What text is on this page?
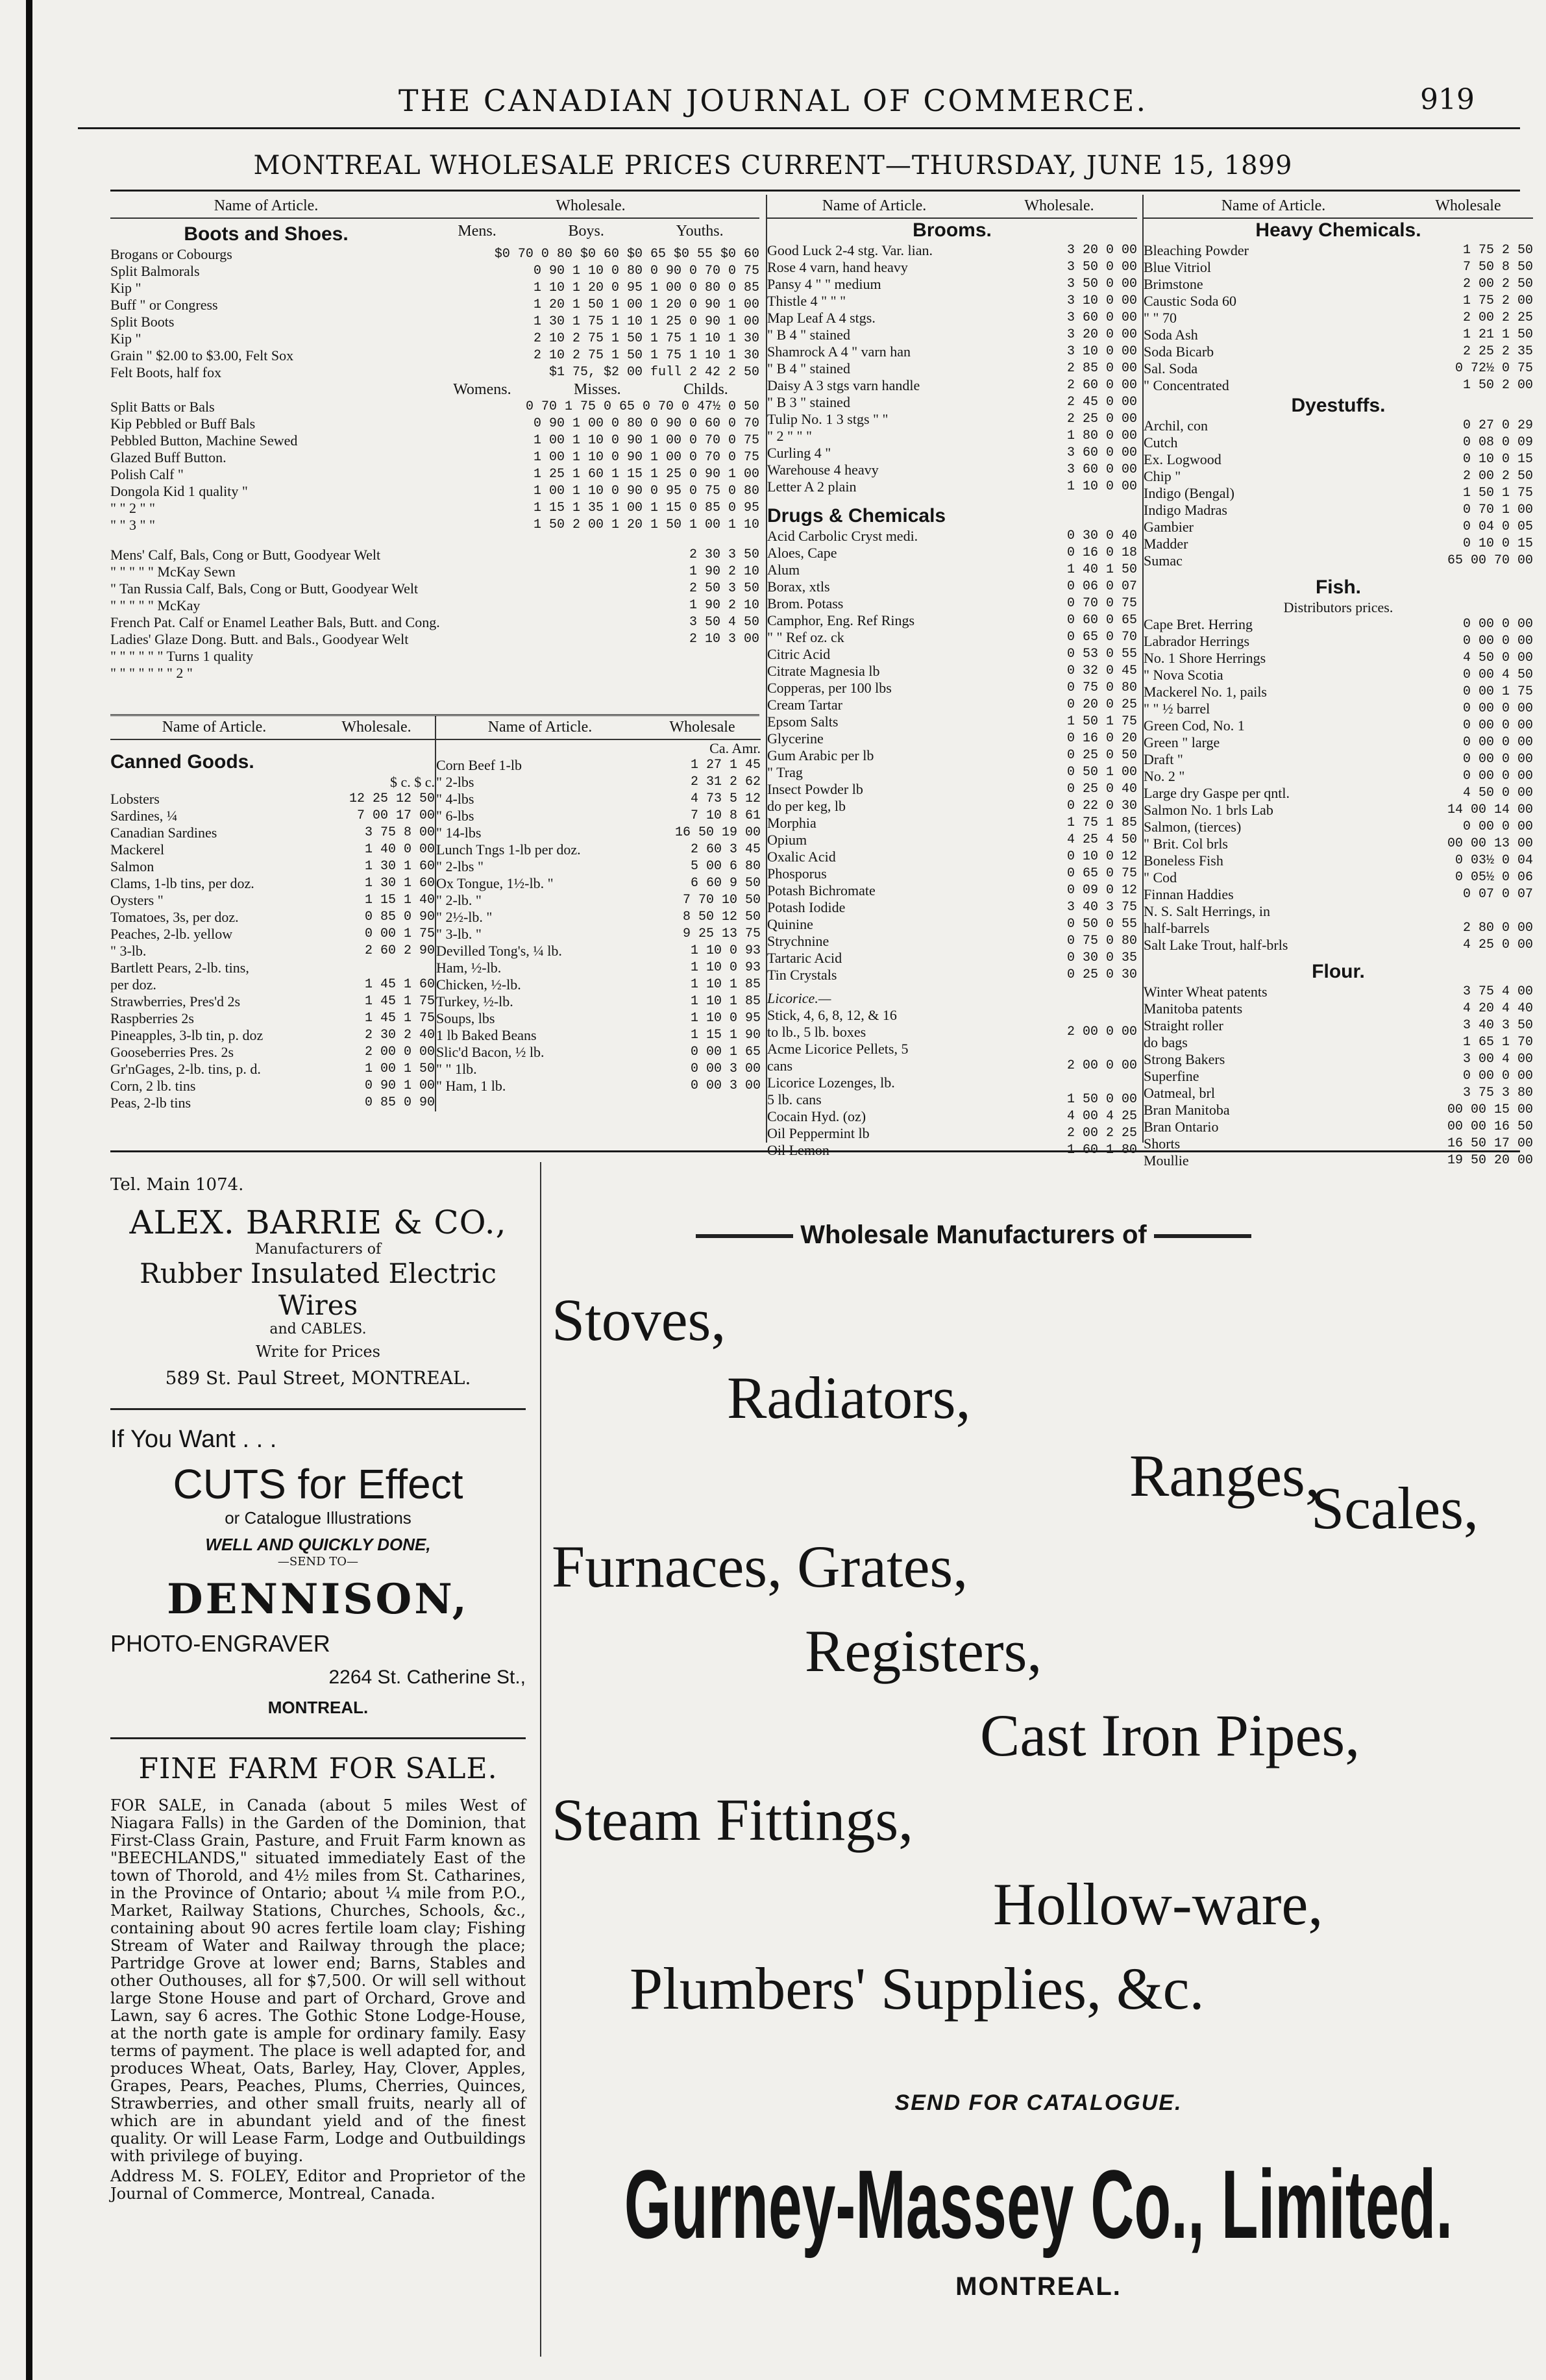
THE CANADIAN JOURNAL OF COMMERCE.	919
MONTREAL WHOLESALE PRICES CURRENT—THURSDAY, JUNE 15, 1899
Name of Article.	Wholesale.
Boots and Shoes.	Mens.	Boys.	Youths.
Brogans or Cobourgs	$0 70 0 80 $0 60 $0 65 $0 55 $0 60
Split Balmorals	0 90 1 10 0 80 0 90 0 70 0 75
Kip "	1 10 1 20 0 95 1 00 0 80 0 85
Buff " or Congress	1 20 1 50 1 00 1 20 0 90 1 00
Split Boots	1 30 1 75 1 10 1 25 0 90 1 00
Kip "	2 10 2 75 1 50 1 75 1 10 1 30
Grain " $2.00 to $3.00, Felt Sox	2 10 2 75 1 50 1 75 1 10 1 30
Felt Boots, half fox	$1 75, $2 00 full 2 42 2 50
Womens.	Misses.	Childs.
Split Batts or Bals	0 70 1 75 0 65 0 70 0 47½ 0 50
Kip Pebbled or Buff Bals	0 90 1 00 0 80 0 90 0 60 0 70
Pebbled Button, Machine Sewed	1 00 1 10 0 90 1 00 0 70 0 75
Glazed Buff Button.	1 00 1 10 0 90 1 00 0 70 0 75
Polish Calf "	1 25 1 60 1 15 1 25 0 90 1 00
Dongola Kid 1 quality "	1 00 1 10 0 90 0 95 0 75 0 80
" " 2 " "	1 15 1 35 1 00 1 15 0 85 0 95
" " 3 " "	1 50 2 00 1 20 1 50 1 00 1 10
Mens' Calf, Bals, Cong or Butt, Goodyear Welt	2 30 3 50
" " " " " McKay Sewn	1 90 2 10
" Tan Russia Calf, Bals, Cong or Butt, Goodyear Welt	2 50 3 50
" " " " " McKay	1 90 2 10
French Pat. Calf or Enamel Leather Bals, Butt. and Cong.	3 50 4 50
Ladies' Glaze Dong. Butt. and Bals., Goodyear Welt	2 10 3 00
" " " " " " Turns 1 quality
" " " " " " " 2 "
Name of Article.	Wholesale.
Canned Goods.
$ c. $ c.
Lobsters	12 25 12 50
Sardines, ¼	7 00 17 00
Canadian Sardines	3 75 8 00
Mackerel	1 40 0 00
Salmon	1 30 1 60
Clams, 1-lb tins, per doz.	1 30 1 60
Oysters "	1 15 1 40
Tomatoes, 3s, per doz.	0 85 0 90
Peaches, 2-lb. yellow	0 00 1 75
" 3-lb.	2 60 2 90
Bartlett Pears, 2-lb. tins,
per doz.	1 45 1 60
Strawberries, Pres'd 2s	1 45 1 75
Raspberries 2s	1 45 1 75
Pineapples, 3-lb tin, p. doz	2 30 2 40
Gooseberries Pres. 2s	2 00 0 00
Gr'nGages, 2-lb. tins, p. d.	1 00 1 50
Corn, 2 lb. tins	0 90 1 00
Peas, 2-lb tins	0 85 0 90
Name of Article.	Wholesale
Ca. Amr.
Corn Beef 1-lb	1 27 1 45
" 2-lbs	2 31 2 62
" 4-lbs	4 73 5 12
" 6-lbs	7 10 8 61
" 14-lbs	16 50 19 00
Lunch Tngs 1-lb per doz.	2 60 3 45
" 2-lbs "	5 00 6 80
Ox Tongue, 1½-lb. "	6 60 9 50
" 2-lb. "	7 70 10 50
" 2½-lb. "	8 50 12 50
" 3-lb. "	9 25 13 75
Devilled Tong's, ¼ lb.	1 10 0 93
Ham, ½-lb.	1 10 0 93
Chicken, ½-lb.	1 10 1 85
Turkey, ½-lb.	1 10 1 85
Soups, lbs	1 10 0 95
1 lb Baked Beans	1 15 1 90
Slic'd Bacon, ½ lb.	0 00 1 65
" " 1lb.	0 00 3 00
" Ham, 1 lb.	0 00 3 00
Name of Article.	Wholesale.
Brooms.
Good Luck 2-4 stg. Var. lian.	3 20 0 00
Rose 4 varn, hand heavy	3 50 0 00
Pansy 4 " " medium	3 50 0 00
Thistle 4 " " "	3 10 0 00
Map Leaf A 4 stgs.	3 60 0 00
" B 4 " stained	3 20 0 00
Shamrock A 4 " varn han	3 10 0 00
" B 4 " stained	2 85 0 00
Daisy A 3 stgs varn handle	2 60 0 00
" B 3 " stained	2 45 0 00
Tulip No. 1 3 stgs " "	2 25 0 00
" 2 " " "	1 80 0 00
Curling 4 "	3 60 0 00
Warehouse 4 heavy	3 60 0 00
Letter A 2 plain	1 10 0 00
Drugs & Chemicals
Acid Carbolic Cryst medi.	0 30 0 40
Aloes, Cape	0 16 0 18
Alum	1 40 1 50
Borax, xtls	0 06 0 07
Brom. Potass	0 70 0 75
Camphor, Eng. Ref Rings	0 60 0 65
" " Ref oz. ck	0 65 0 70
Citric Acid	0 53 0 55
Citrate Magnesia lb	0 32 0 45
Copperas, per 100 lbs	0 75 0 80
Cream Tartar	0 20 0 25
Epsom Salts	1 50 1 75
Glycerine	0 16 0 20
Gum Arabic per lb	0 25 0 50
" Trag	0 50 1 00
Insect Powder lb	0 25 0 40
do per keg, lb	0 22 0 30
Morphia	1 75 1 85
Opium	4 25 4 50
Oxalic Acid	0 10 0 12
Phosporus	0 65 0 75
Potash Bichromate	0 09 0 12
Potash Iodide	3 40 3 75
Quinine	0 50 0 55
Strychnine	0 75 0 80
Tartaric Acid	0 30 0 35
Tin Crystals	0 25 0 30
Licorice.—
Stick, 4, 6, 8, 12, & 16
to lb., 5 lb. boxes	2 00 0 00
Acme Licorice Pellets, 5
cans	2 00 0 00
Licorice Lozenges, lb.
5 lb. cans	1 50 0 00
Cocain Hyd. (oz)	4 00 4 25
Oil Peppermint lb	2 00 2 25
Oil Lemon	1 60 1 80
Name of Article.	Wholesale
Heavy Chemicals.
Bleaching Powder	1 75 2 50
Blue Vitriol	7 50 8 50
Brimstone	2 00 2 50
Caustic Soda 60	1 75 2 00
" " 70	2 00 2 25
Soda Ash	1 21 1 50
Soda Bicarb	2 25 2 35
Sal. Soda	0 72½ 0 75
" Concentrated	1 50 2 00
Dyestuffs.
Archil, con	0 27 0 29
Cutch	0 08 0 09
Ex. Logwood	0 10 0 15
Chip "	2 00 2 50
Indigo (Bengal)	1 50 1 75
Indigo Madras	0 70 1 00
Gambier	0 04 0 05
Madder	0 10 0 15
Sumac	65 00 70 00
Fish.
Distributors prices.
Cape Bret. Herring	0 00 0 00
Labrador Herrings	0 00 0 00
No. 1 Shore Herrings	4 50 0 00
" Nova Scotia	0 00 4 50
Mackerel No. 1, pails	0 00 1 75
" " ½ barrel	0 00 0 00
Green Cod, No. 1	0 00 0 00
Green " large	0 00 0 00
Draft "	0 00 0 00
No. 2 "	0 00 0 00
Large dry Gaspe per qntl.	4 50 0 00
Salmon No. 1 brls Lab	14 00 14 00
Salmon, (tierces)	0 00 0 00
" Brit. Col brls	00 00 13 00
Boneless Fish	0 03½ 0 04
" Cod	0 05½ 0 06
Finnan Haddies	0 07 0 07
N. S. Salt Herrings, in
half-barrels	2 80 0 00
Salt Lake Trout, half-brls	4 25 0 00
Flour.
Winter Wheat patents	3 75 4 00
Manitoba patents	4 20 4 40
Straight roller	3 40 3 50
do bags	1 65 1 70
Strong Bakers	3 00 4 00
Superfine	0 00 0 00
Oatmeal, brl	3 75 3 80
Bran Manitoba	00 00 15 00
Bran Ontario	00 00 16 50
Shorts	16 50 17 00
Moullie	19 50 20 00
Tel. Main 1074.
ALEX. BARRIE & CO.,
Manufacturers of
Rubber Insulated Electric Wires
and CABLES.
Write for Prices
589 St. Paul Street, MONTREAL.
If You Want . . .
CUTS for Effect
or Catalogue Illustrations
WELL AND QUICKLY DONE,
—SEND TO—
DENNISON,
PHOTO-ENGRAVER
2264 St. Catherine St.,
MONTREAL.
FINE FARM FOR SALE.
FOR SALE, in Canada (about 5 miles West of Niagara Falls) in the Garden of the Dominion, that First-Class Grain, Pasture, and Fruit Farm known as "BEECHLANDS," situated immediately East of the town of Thorold, and 4½ miles from St. Catharines, in the Province of Ontario; about ¼ mile from P.O., Market, Railway Stations, Churches, Schools, &c., containing about 90 acres fertile loam clay; Fishing Stream of Water and Railway through the place; Partridge Grove at lower end; Barns, Stables and other Outhouses, all for $7,500. Or will sell without large Stone House and part of Orchard, Grove and Lawn, say 6 acres. The Gothic Stone Lodge-House, at the north gate is ample for ordinary family. Easy terms of payment. The place is well adapted for, and produces Wheat, Oats, Barley, Hay, Clover, Apples, Grapes, Pears, Peaches, Plums, Cherries, Quinces, Strawberries, and other small fruits, nearly all of which are in abundant yield and of the finest quality. Or will Lease Farm, Lodge and Outbuildings with privilege of buying.
Address M. S. FOLEY, Editor and Proprietor of the Journal of Commerce, Montreal, Canada.
Wholesale Manufacturers of
Stoves,
Radiators,
Ranges,
Scales,
Furnaces, Grates,
Registers,
Cast Iron Pipes,
Steam Fittings,
Hollow-ware,
Plumbers' Supplies, &c.
SEND FOR CATALOGUE.
Gurney-Massey Co., Limited.
MONTREAL.
